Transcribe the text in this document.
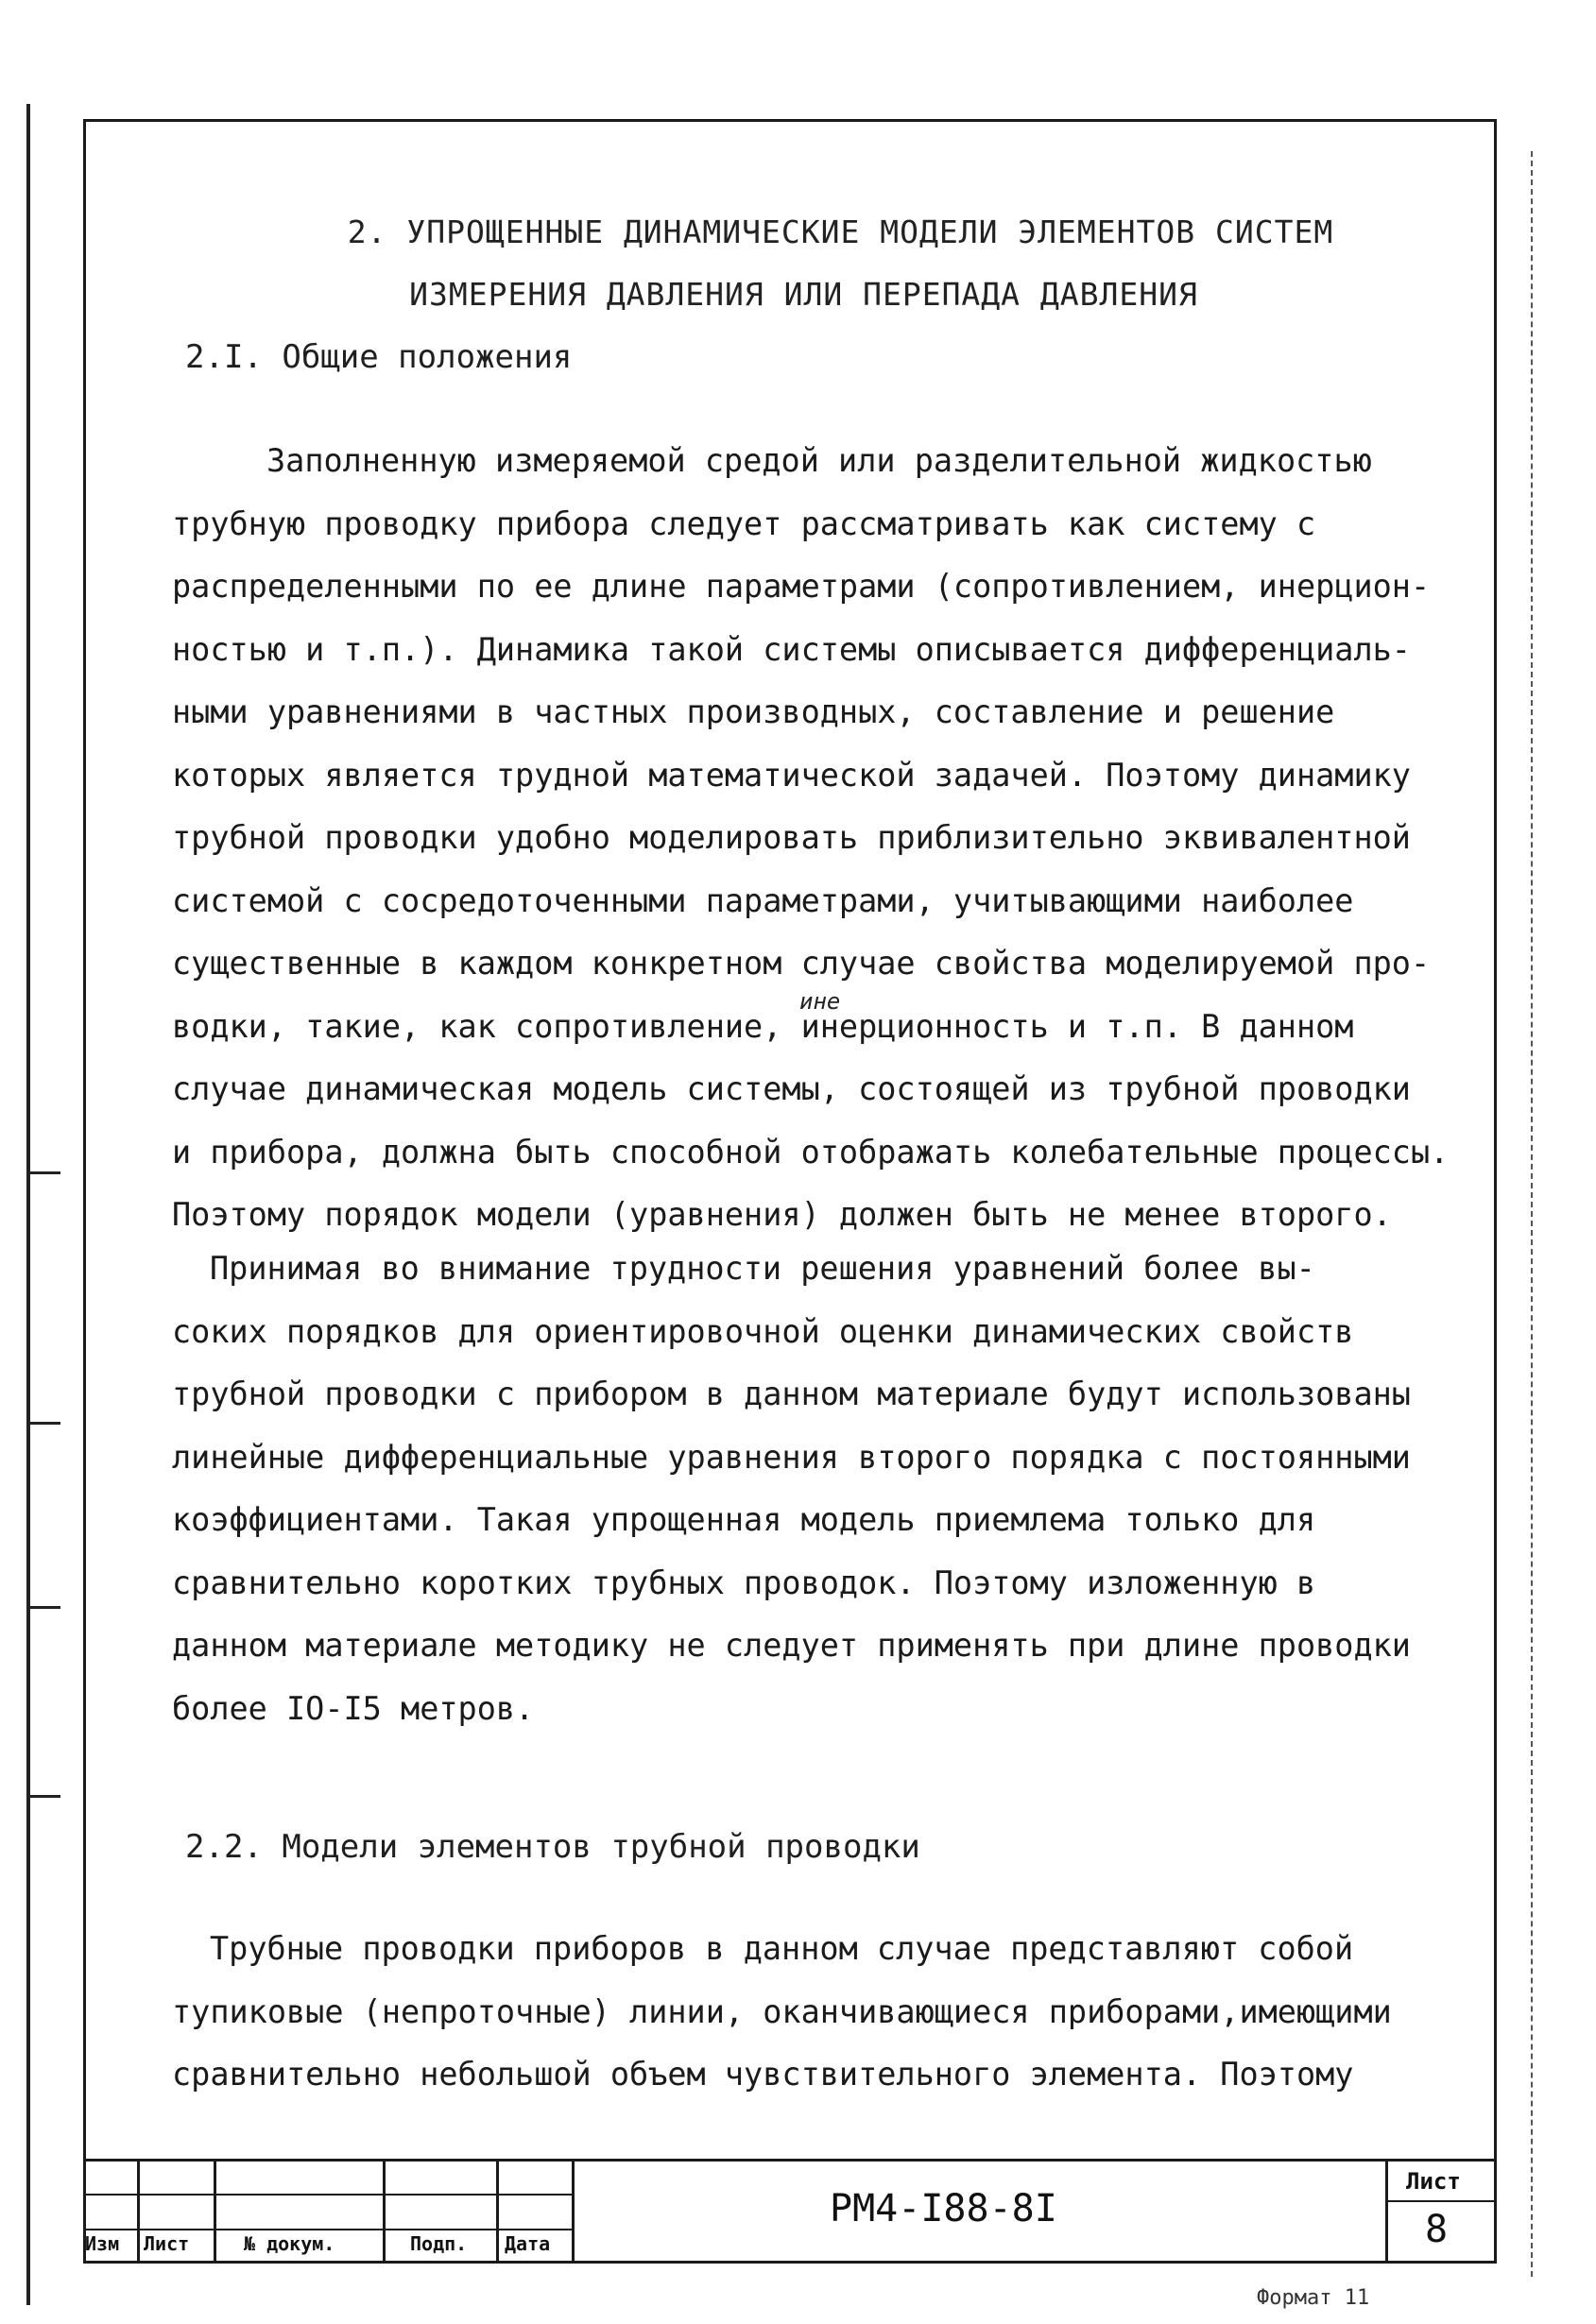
2. УПРОЩЕННЫЕ ДИНАМИЧЕСКИЕ МОДЕЛИ ЭЛЕМЕНТОВ СИСТЕМ
ИЗМЕРЕНИЯ ДАВЛЕНИЯ ИЛИ ПЕРЕПАДА ДАВЛЕНИЯ
2.I. Общие положения

Заполненную измеряемой средой или разделительной жидкостью

трубную проводку прибора следует рассматривать как систему с

распределенными по ее длине параметрами (сопротивлением, инерцион-

ностью и т.п.). Динамика такой системы описывается дифференциаль-

ными уравнениями в частных производных, составление и решение

которых является трудной математической задачей. Поэтому динамику

трубной проводки удобно моделировать приблизительно эквивалентной

системой с сосредоточенными параметрами, учитывающими наиболее

существенные в каждом конкретном случае свойства моделируемой про-

водки, такие, как сопротивление, инерционность и т.п. В данном

случае динамическая модель системы, состоящей из трубной проводки

и прибора, должна быть способной отображать колебательные процессы.

Поэтому порядок модели (уравнения) должен быть не менее второго.

ине

Принимая во внимание трудности решения уравнений более вы-

соких порядков для ориентировочной оценки динамических свойств

трубной проводки с прибором в данном материале будут использованы

линейные дифференциальные уравнения второго порядка с постоянными

коэффициентами. Такая упрощенная модель приемлема только для

сравнительно коротких трубных проводок. Поэтому изложенную в

данном материале методику не следует применять при длине проводки

более IO-I5 метров.

2.2. Модели элементов трубной проводки

Трубные проводки приборов в данном случае представляют собой

тупиковые (непроточные) линии, оканчивающиеся приборами,имеющими

сравнительно небольшой объем чувствительного элемента. Поэтому

Изм Лист	№ докум.	Подп. Дата
РМ4-I88-8I
Лист
8
Формат 11
